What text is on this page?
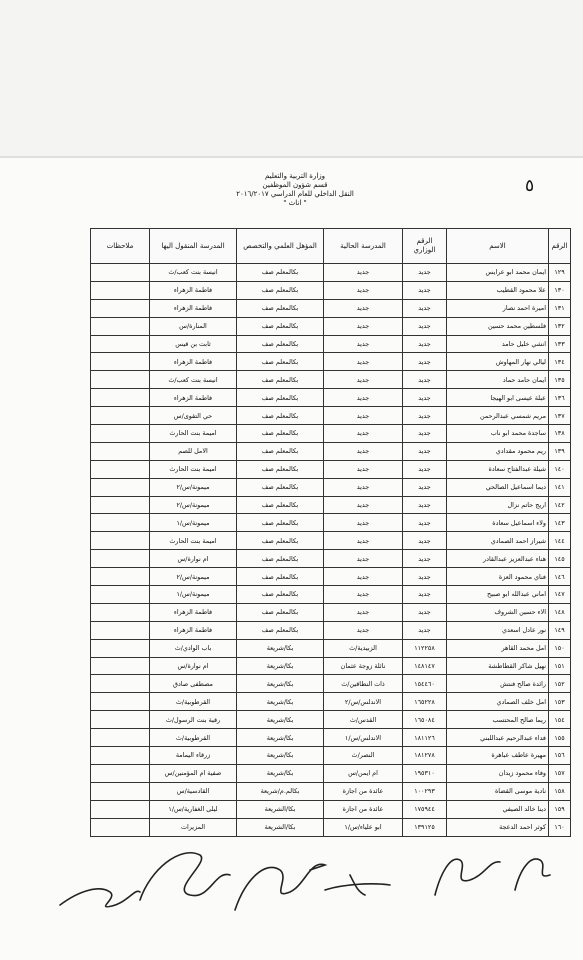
وزارة التربية والتعليم
قسم شؤون الموظفين
النقل الداخلي للعام الدراسي ٢٠١٦/٢٠١٧
" اناث "
٥
الرقم	الاسم	الرقم الوزاري	المدرسة الحالية	المؤهل العلمي والتخصص	المدرسة المنقول اليها	ملاحظات
١٢٩	ايمان محمد ابو عرايس	جديد	جديد	بكالمعلم صف	انيسة بنت كعب/ث	
١٣٠	علا محمود القطيب	جديد	جديد	بكالمعلم صف	فاطمة الزهراء	
١٣١	اميرة احمد نصار	جديد	جديد	بكالمعلم صف	فاطمة الزهراء	
١٣٢	فلسطين محمد حسين	جديد	جديد	بكالمعلم صف	المنارة/س	
١٣٣	انشي خليل حامد	جديد	جديد	بكالمعلم صف	ثابت بن قيس	
١٣٤	ليالي نهار المهاوش	جديد	جديد	بكالمعلم صف	فاطمة الزهراء	
١٣٥	ايمان حامد حماد	جديد	جديد	بكالمعلم صف	انيسة بنت كعب/ث	
١٣٦	عبلة عيسى ابو الهيجا	جديد	جديد	بكالمعلم صف	فاطمة الزهراء	
١٣٧	مريم شمسي عبدالرحمن	جديد	جديد	بكالمعلم صف	حي التقوى/س	
١٣٨	ساجدة محمد ابو ناب	جديد	جديد	بكالمعلم صف	اميمة بنت الحارث	
١٣٩	ريم محمود مقدادي	جديد	جديد	بكالمعلم صف	الامل للصم	
١٤٠	شيلة عبدالفتاح سعادة	جديد	جديد	بكالمعلم صف	اميمة بنت الحارث	
١٤١	ديما اسماعيل الصالحي	جديد	جديد	بكالمعلم صف	ميمونة/س/٢	
١٤٢	اريج حاتم نزال	جديد	جديد	بكالمعلم صف	ميمونة/س/٢	
١٤٣	ولاء اسماعيل سعادة	جديد	جديد	بكالمعلم صف	ميمونة/س/١	
١٤٤	شيراز احمد الصمادي	جديد	جديد	بكالمعلم صف	اميمة بنت الحارث	
١٤٥	هناء عبدالعزيز عبدالقادر	جديد	جديد	بكالمعلم صف	ام نوارة/س	
١٤٦	فناي محمود العزة	جديد	جديد	بكالمعلم صف	ميمونة/س/٢	
١٤٧	اماني عبدالله ابو صبيح	جديد	جديد	بكالمعلم صف	ميمونة/س/١	
١٤٨	الاء حسين الشروف	جديد	جديد	بكالمعلم صف	فاطمة الزهراء	
١٤٩	نور عادل اسعدي	جديد	جديد	بكالمعلم صف	فاطمة الزهراء	
١٥٠	امل محمد القاهر	١١٢٢٥٨	الزبيدية/ث	بكا/شريعة	باب الوادي/ث	
١٥١	نهيل شاكر القطاطشة	١٤٨١٤٧	نائلة زوجة عثمان	بكا/شريعة	ام نوارة/س	
١٥٢	رائدة صالح فنتش	١٥٤٤٦٠	ذات النطاقين/ث	بكا/شريعة	مصطفى صادق	
١٥٣	امل خلف الصمادي	١٦٥٢٢٨	الاندلس/س/٢	بكا/شريعة	القرطوبية/ث	
١٥٤	ريما صالح المحتسب	١٦٥٠٨٤	القدس/ث	بكا/شريعة	رقية بنت الرسول/ث	
١٥٥	فداء عبدالرحيم عبداللبني	١٨١١٢٦	الاندلس/س/١	بكا/شريعة	القرطوبية/ث	
١٥٦	مهيرة عاطف عباهرة	١٨١٢٧٨	النصر/ث	بكا/شريعة	زرقاء اليمامة	
١٥٧	وفاء محمود زيدان	١٩٥٣١٠	ام ايمن/س	بكا/شريعة	صفية ام المؤمنين/س	
١٥٨	نادية موسى القضاة	١٠٠٢٩٣	عائدة من اجازة	بكالم.م/شريعة	القادسية/س	
١٥٩	دينا خالد الصيفي	١٧٥٩٤٤	عائدة من اجازة	بكا/الشريعة	ليلى الغفارية/س/١	
١٦٠	كوثر احمد الدعجة	١٣٩١٢٥	ابو علياء/س/١	بكا/الشريعة	المزيرات	
